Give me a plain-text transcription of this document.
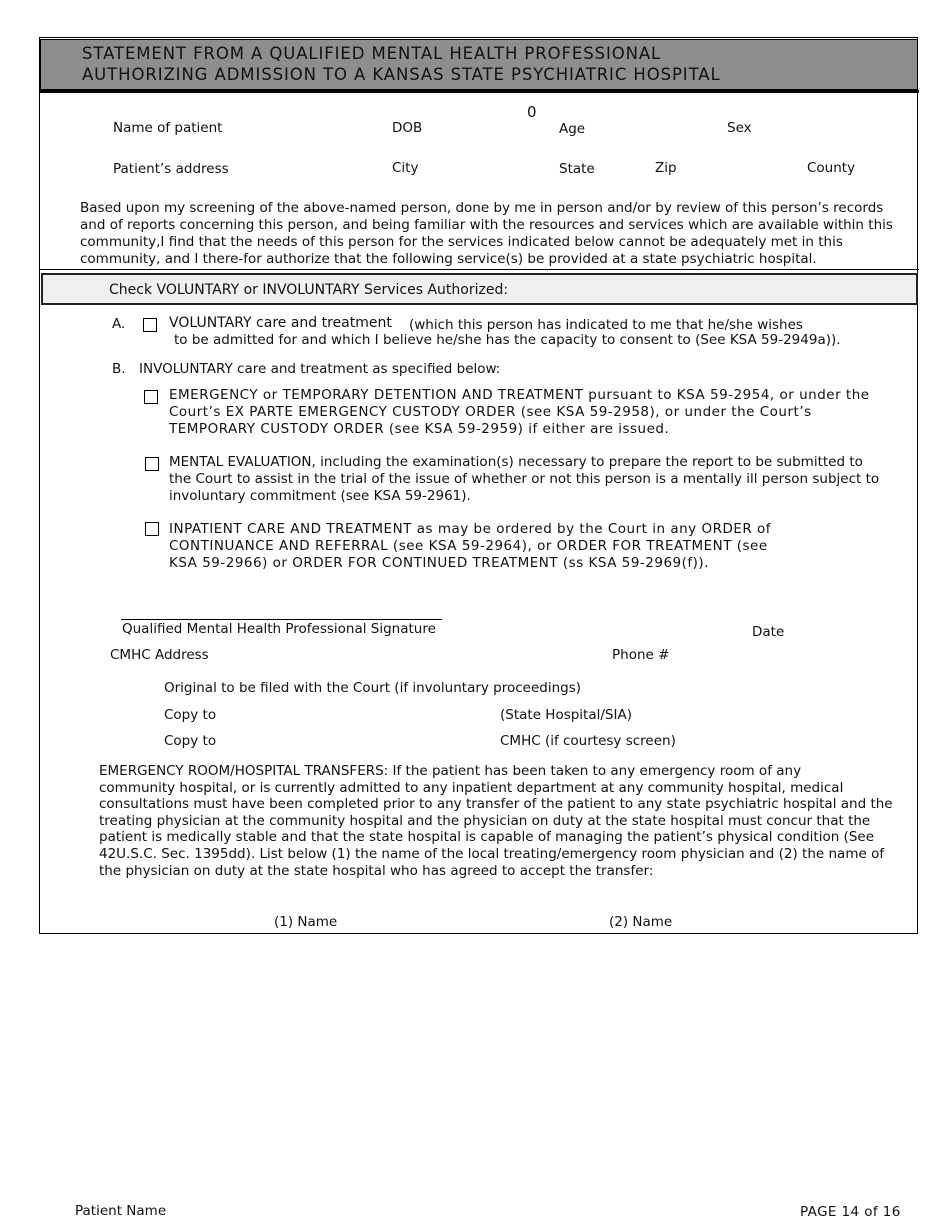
STATEMENT FROM A QUALIFIED MENTAL HEALTH PROFESSIONAL
AUTHORIZING ADMISSION TO A KANSAS STATE PSYCHIATRIC HOSPITAL
0
Name of patient	DOB	Age	Sex
Patient’s address	City	State	Zip	County
Based upon my screening of the above-named person, done by me in person and/or by review of this person’s records
and of reports concerning this person, and being familiar with the resources and services which are available within this
community,I find that the needs of this person for the services indicated below cannot be adequately met in this
community, and I there-for authorize that the following service(s) be provided at a state psychiatric hospital.
Check VOLUNTARY or INVOLUNTARY Services Authorized:
A.	VOLUNTARY care and treatment (which this person has indicated to me that he/she wishes
to be admitted for and which I believe he/she has the capacity to consent to (See KSA 59-2949a)).
B. INVOLUNTARY care and treatment as specified below:
EMERGENCY or TEMPORARY DETENTION AND TREATMENT pursuant to KSA 59-2954, or under the
Court’s EX PARTE EMERGENCY CUSTODY ORDER (see KSA 59-2958), or under the Court’s
TEMPORARY CUSTODY ORDER (see KSA 59-2959) if either are issued.
MENTAL EVALUATION, including the examination(s) necessary to prepare the report to be submitted to
the Court to assist in the trial of the issue of whether or not this person is a mentally ill person subject to
involuntary commitment (see KSA 59-2961).
INPATIENT CARE AND TREATMENT as may be ordered by the Court in any ORDER of
CONTINUANCE AND REFERRAL (see KSA 59-2964), or ORDER FOR TREATMENT (see
KSA 59-2966) or ORDER FOR CONTINUED TREATMENT (ss KSA 59-2969(f)).
Qualified Mental Health Professional Signature	Date
CMHC Address	Phone #
Original to be filed with the Court (if involuntary proceedings)
Copy to	(State Hospital/SIA)
Copy to	CMHC (if courtesy screen)
EMERGENCY ROOM/HOSPITAL TRANSFERS: If the patient has been taken to any emergency room of any
community hospital, or is currently admitted to any inpatient department at any community hospital, medical
consultations must have been completed prior to any transfer of the patient to any state psychiatric hospital and the
treating physician at the community hospital and the physician on duty at the state hospital must concur that the
patient is medically stable and that the state hospital is capable of managing the patient’s physical condition (See
42U.S.C. Sec. 1395dd). List below (1) the name of the local treating/emergency room physician and (2) the name of
the physician on duty at the state hospital who has agreed to accept the transfer:
(1) Name	(2) Name
Patient Name	PAGE 14 of 16
